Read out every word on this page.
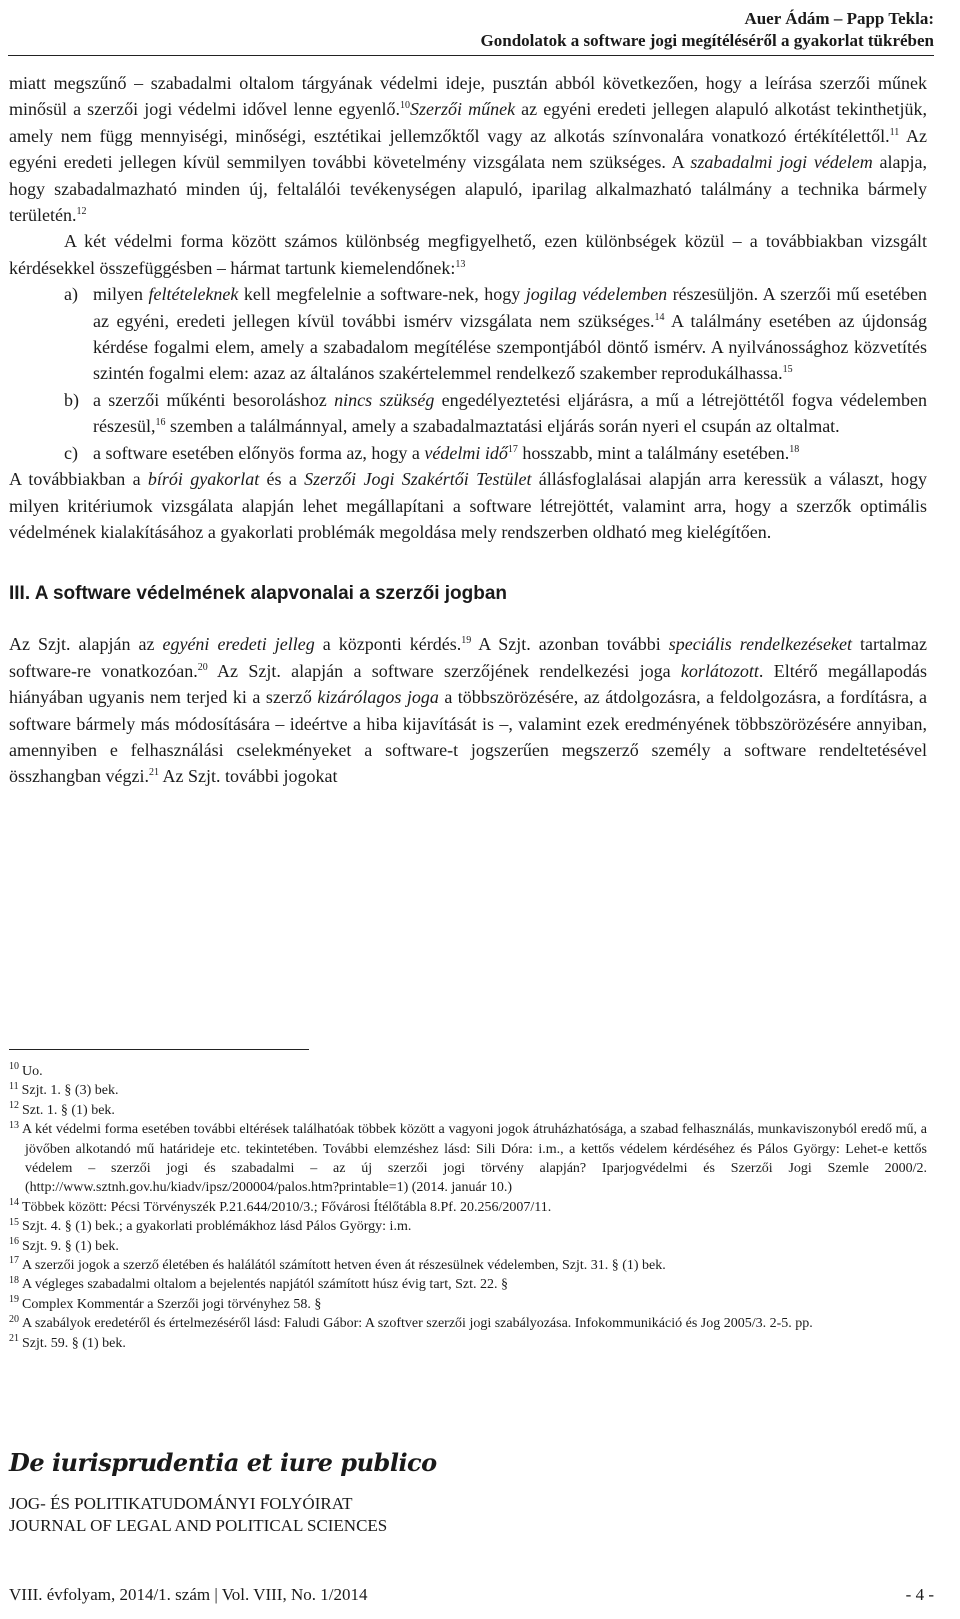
Auer Ádám – Papp Tekla:
Gondolatok a software jogi megítéléséről a gyakorlat tükrében

miatt megszűnő – szabadalmi oltalom tárgyának védelmi ideje, pusztán abból következően, hogy a leírása szerzői műnek minősül a szerzői jogi védelmi idővel lenne egyenlő.$^{10}$Szerzői műnek az egyéni eredeti jellegen alapuló alkotást tekinthetjük, amely nem függ mennyiségi, minőségi, esztétikai jellemzőktől vagy az alkotás színvonalára vonatkozó értékítélettől.$^{11}$ Az egyéni eredeti jellegen kívül semmilyen további követelmény vizsgálata nem szükséges. A szabadalmi jogi védelem alapja, hogy szabadalmazható minden új, feltalálói tevékenységen alapuló, iparilag alkalmazható találmány a technika bármely területén.$^{12}$

A két védelmi forma között számos különbség megfigyelhető, ezen különbségek közül – a továbbiakban vizsgált kérdésekkel összefüggésben – hármat tartunk kiemelendőnek:$^{13}$

a) milyen feltételeknek kell megfelelnie a software-nek, hogy jogilag védelemben részesüljön. A szerzői mű esetében az egyéni, eredeti jellegen kívül további ismérv vizsgálata nem szükséges.$^{14}$ A találmány esetében az újdonság kérdése fogalmi elem, amely a szabadalom megítélése szempontjából döntő ismérv. A nyilvánossághoz közvetítés szintén fogalmi elem: azaz az általános szakértelemmel rendelkező szakember reprodukálhassa.$^{15}$
b) a szerzői műkénti besoroláshoz nincs szükség engedélyeztetési eljárásra, a mű a létrejöttétől fogva védelemben részesül,$^{16}$ szemben a találmánnyal, amely a szabadalmaztatási eljárás során nyeri el csupán az oltalmat.
c) a software esetében előnyös forma az, hogy a védelmi idő$^{17}$ hosszabb, mint a találmány esetében.$^{18}$

A továbbiakban a bírói gyakorlat és a Szerzői Jogi Szakértői Testület állásfoglalásai alapján arra keressük a választ, hogy milyen kritériumok vizsgálata alapján lehet megállapítani a software létrejöttét, valamint arra, hogy a szerzők optimális védelmének kialakításához a gyakorlati problémák megoldása mely rendszerben oldható meg kielégítően.

III. A software védelmének alapvonalai a szerzői jogban

Az Szjt. alapján az egyéni eredeti jelleg a központi kérdés.$^{19}$ A Szjt. azonban további speciális rendelkezéseket tartalmaz software-re vonatkozóan.$^{20}$ Az Szjt. alapján a software szerzőjének rendelkezési joga korlátozott. Eltérő megállapodás hiányában ugyanis nem terjed ki a szerző kizárólagos joga a többszörözésére, az átdolgozásra, a feldolgozásra, a fordításra, a software bármely más módosítására – ideértve a hiba kijavítását is –, valamint ezek eredményének többszörözésére annyiban, amennyiben e felhasználási cselekményeket a software-t jogszerűen megszerző személy a software rendeltetésével összhangban végzi.$^{21}$ Az Szjt. további jogokat

$^{10}$ Uo.

$^{11}$ Szjt. 1. § (3) bek.

$^{12}$ Szt. 1. § (1) bek.

$^{13}$ A két védelmi forma esetében további eltérések találhatóak többek között a vagyoni jogok átruházhatósága, a szabad felhasználás, munkaviszonyból eredő mű, a jövőben alkotandó mű határideje etc. tekintetében. További elemzéshez lásd: Sili Dóra: i.m., a kettős védelem kérdéséhez és Pálos György: Lehet-e kettős védelem – szerzői jogi és szabadalmi – az új szerzői jogi törvény alapján? Iparjogvédelmi és Szerzői Jogi Szemle 2000/2. (http://www.sztnh.gov.hu/kiadv/ipsz/200004/palos.htm?printable=1) (2014. január 10.)

$^{14}$ Többek között: Pécsi Törvényszék P.21.644/2010/3.; Fővárosi Ítélőtábla 8.Pf. 20.256/2007/11.

$^{15}$ Szjt. 4. § (1) bek.; a gyakorlati problémákhoz lásd Pálos György: i.m.

$^{16}$ Szjt. 9. § (1) bek.

$^{17}$ A szerzői jogok a szerző életében és halálától számított hetven éven át részesülnek védelemben, Szjt. 31. § (1) bek.

$^{18}$ A végleges szabadalmi oltalom a bejelentés napjától számított húsz évig tart, Szt. 22. §

$^{19}$ Complex Kommentár a Szerzői jogi törvényhez 58. §

$^{20}$ A szabályok eredetéről és értelmezéséről lásd: Faludi Gábor: A szoftver szerzői jogi szabályozása. Infokommunikáció és Jog 2005/3. 2-5. pp.

$^{21}$ Szjt. 59. § (1) bek.

De iurisprudentia et iure publico
JOG- ÉS POLITIKATUDOMÁNYI FOLYÓIRAT
JOURNAL OF LEGAL AND POLITICAL SCIENCES
VIII. évfolyam, 2014/1. szám | Vol. VIII, No. 1/2014	- 4 -
